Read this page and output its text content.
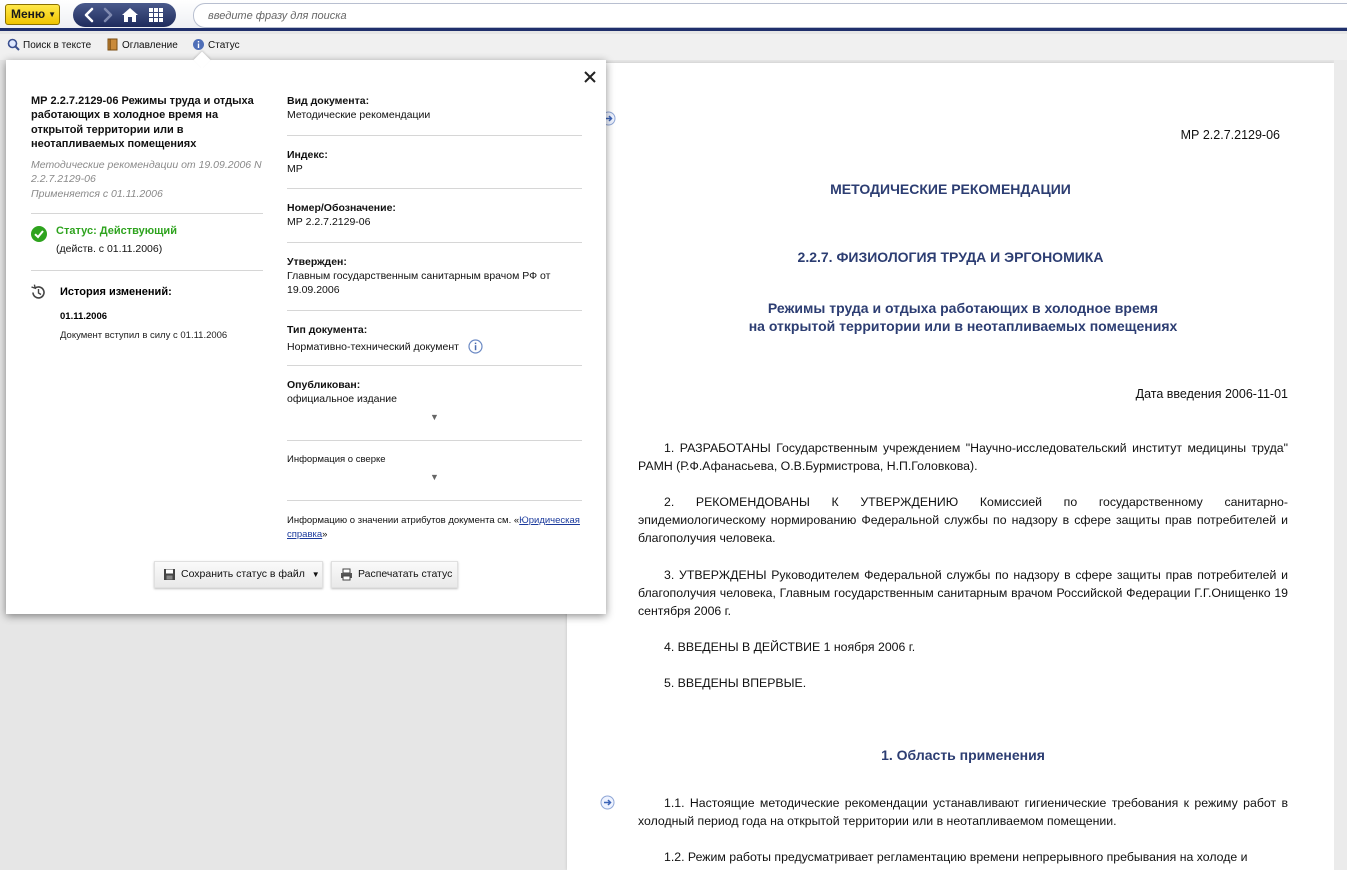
Меню ▼
введите фразу для поиска
Поиск в тексте	Оглавление	Статус
МР 2.2.7.2129-06
МЕТОДИЧЕСКИЕ РЕКОМЕНДАЦИИ
2.2.7. ФИЗИОЛОГИЯ ТРУДА И ЭРГОНОМИКА
Режимы труда и отдыха работающих в холодное время
на открытой территории или в неотапливаемых помещениях
Дата введения 2006-11-01
1. РАЗРАБОТАНЫ Государственным учреждением "Научно-исследовательский институт медицины труда" РАМН (Р.Ф.Афанасьева, О.В.Бурмистрова, Н.П.Головкова).
2. РЕКОМЕНДОВАНЫ К УТВЕРЖДЕНИЮ Комиссией по государственному санитарно-эпидемиологическому нормированию Федеральной службы по надзору в сфере защиты прав потребителей и благополучия человека.
3. УТВЕРЖДЕНЫ Руководителем Федеральной службы по надзору в сфере защиты прав потребителей и благополучия человека, Главным государственным санитарным врачом Российской Федерации Г.Г.Онищенко 19 сентября 2006 г.
4. ВВЕДЕНЫ В ДЕЙСТВИЕ 1 ноября 2006 г.
5. ВВЕДЕНЫ ВПЕРВЫЕ.
1. Область применения
1.1. Настоящие методические рекомендации устанавливают гигиенические требования к режиму работ в холодный период года на открытой территории или в неотапливаемом помещении.
1.2. Режим работы предусматривает регламентацию времени непрерывного пребывания на холоде и
МР 2.2.7.2129-06 Режимы труда и отдыха работающих в холодное время на открытой территории или в неотапливаемых помещениях
Методические рекомендации от 19.09.2006 N 2.2.7.2129-06
Применяется с 01.11.2006
Статус: Действующий
(действ. с 01.11.2006)
История изменений:
01.11.2006
Документ вступил в силу с 01.11.2006
Вид документа:
Методические рекомендации
Индекс:
МР
Номер/Обозначение:
МР 2.2.7.2129-06
Утвержден:
Главным государственным санитарным врачом РФ от 19.09.2006
Тип документа:
Нормативно-технический документ
Опубликован:
официальное издание
▼
Информация о сверке
▼
Информацию о значении атрибутов документа см. «Юридическая справка»
Сохранить статус в файл ▼	Распечатать статус
